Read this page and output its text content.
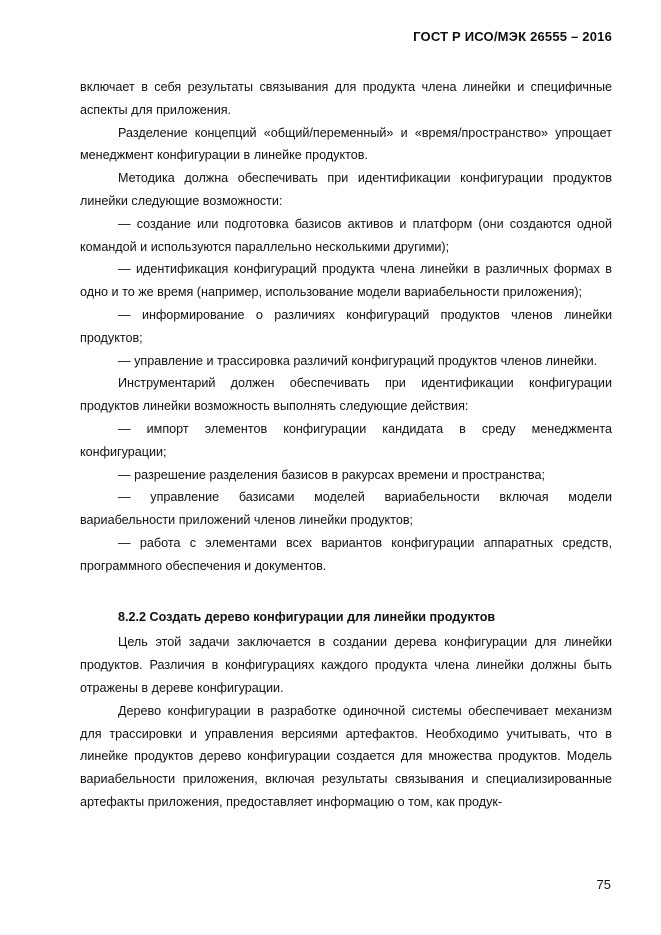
ГОСТ Р ИСО/МЭК 26555 – 2016

включает в себя результаты связывания для продукта члена линейки и специфичные аспекты для приложения.

Разделение концепций «общий/переменный» и «время/пространство» упрощает менеджмент конфигурации в линейке продуктов.

Методика должна обеспечивать при идентификации конфигурации продуктов линейки следующие возможности:

— создание или подготовка базисов активов и платформ (они создаются одной командой и используются параллельно несколькими другими);

— идентификация конфигураций продукта члена линейки в различных формах в одно и то же время (например, использование модели вариабельности приложения);

— информирование о различиях конфигураций продуктов членов линейки продуктов;

— управление и трассировка различий конфигураций продуктов членов линейки.

Инструментарий должен обеспечивать при идентификации конфигурации продуктов линейки возможность выполнять следующие действия:

— импорт элементов конфигурации кандидата в среду менеджмента конфигурации;

— разрешение разделения базисов в ракурсах времени и пространства;

— управление базисами моделей вариабельности включая модели вариабельности приложений членов линейки продуктов;

— работа с элементами всех вариантов конфигурации аппаратных средств, программного обеспечения и документов.

8.2.2 Создать дерево конфигурации для линейки продуктов

Цель этой задачи заключается в создании дерева конфигурации для линейки продуктов. Различия в конфигурациях каждого продукта члена линейки должны быть отражены в дереве конфигурации.

Дерево конфигурации в разработке одиночной системы обеспечивает механизм для трассировки и управления версиями артефактов. Необходимо учитывать, что в линейке продуктов дерево конфигурации создается для множества продуктов. Модель вариабельности приложения, включая результаты связывания и специализированные артефакты приложения, предоставляет информацию о том, как продук-

75
